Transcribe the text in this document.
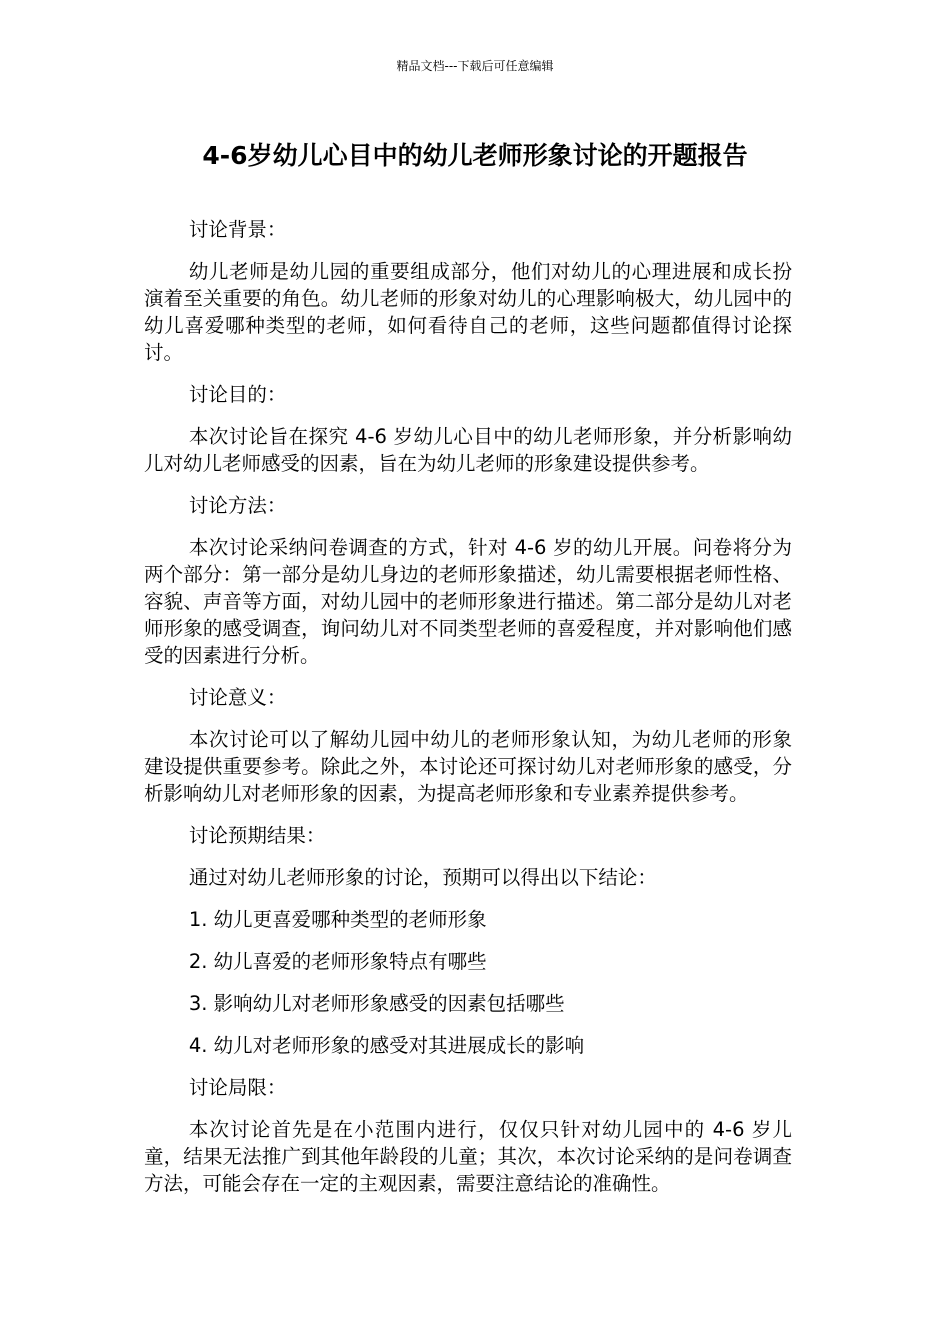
精品文档---下载后可任意编辑
4-6岁幼儿心目中的幼儿老师形象讨论的开题报告

讨论背景：

幼儿老师是幼儿园的重要组成部分，他们对幼儿的心理进展和成长扮演着至关重要的角色。幼儿老师的形象对幼儿的心理影响极大，幼儿园中的幼儿喜爱哪种类型的老师，如何看待自己的老师，这些问题都值得讨论探讨。

讨论目的：

本次讨论旨在探究 4-6 岁幼儿心目中的幼儿老师形象，并分析影响幼儿对幼儿老师感受的因素，旨在为幼儿老师的形象建设提供参考。

讨论方法：

本次讨论采纳问卷调查的方式，针对 4-6 岁的幼儿开展。问卷将分为两个部分：第一部分是幼儿身边的老师形象描述，幼儿需要根据老师性格、容貌、声音等方面，对幼儿园中的老师形象进行描述。第二部分是幼儿对老师形象的感受调查，询问幼儿对不同类型老师的喜爱程度，并对影响他们感受的因素进行分析。

讨论意义：

本次讨论可以了解幼儿园中幼儿的老师形象认知，为幼儿老师的形象建设提供重要参考。除此之外，本讨论还可探讨幼儿对老师形象的感受，分析影响幼儿对老师形象的因素，为提高老师形象和专业素养提供参考。

讨论预期结果：

通过对幼儿老师形象的讨论，预期可以得出以下结论：

1. 幼儿更喜爱哪种类型的老师形象

2. 幼儿喜爱的老师形象特点有哪些

3. 影响幼儿对老师形象感受的因素包括哪些

4. 幼儿对老师形象的感受对其进展成长的影响

讨论局限：

本次讨论首先是在小范围内进行，仅仅只针对幼儿园中的 4-6 岁儿童，结果无法推广到其他年龄段的儿童；其次，本次讨论采纳的是问卷调查方法，可能会存在一定的主观因素，需要注意结论的准确性。
